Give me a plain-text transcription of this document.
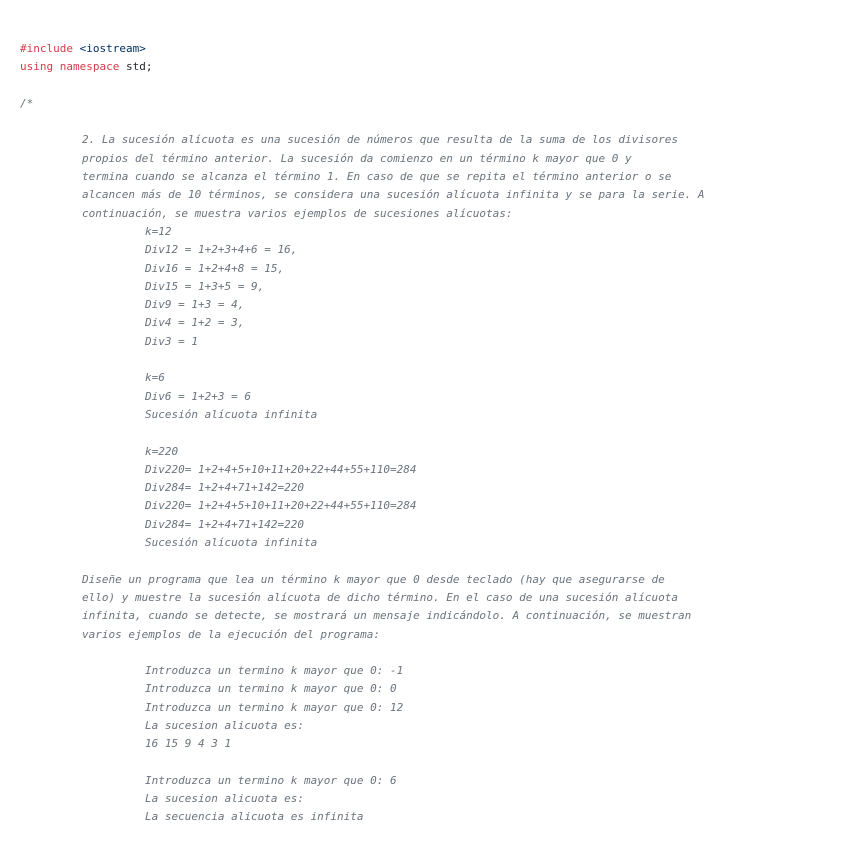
#include <iostream>
using namespace std;
/*
2. La sucesión alícuota es una sucesión de números que resulta de la suma de los divisores
propios del término anterior. La sucesión da comienzo en un término k mayor que 0 y
termina cuando se alcanza el término 1. En caso de que se repita el término anterior o se
alcancen más de 10 términos, se considera una sucesión alícuota infinita y se para la serie. A
continuación, se muestra varios ejemplos de sucesiones alícuotas:
k=12
Div12 = 1+2+3+4+6 = 16,
Div16 = 1+2+4+8 = 15,
Div15 = 1+3+5 = 9,
Div9 = 1+3 = 4,
Div4 = 1+2 = 3,
Div3 = 1
k=6
Div6 = 1+2+3 = 6
Sucesión alícuota infinita
k=220
Div220= 1+2+4+5+10+11+20+22+44+55+110=284
Div284= 1+2+4+71+142=220
Div220= 1+2+4+5+10+11+20+22+44+55+110=284
Div284= 1+2+4+71+142=220
Sucesión alícuota infinita
Diseñe un programa que lea un término k mayor que 0 desde teclado (hay que asegurarse de
ello) y muestre la sucesión alícuota de dicho término. En el caso de una sucesión alícuota
infinita, cuando se detecte, se mostrará un mensaje indicándolo. A continuación, se muestran
varios ejemplos de la ejecución del programa:
Introduzca un termino k mayor que 0: -1
Introduzca un termino k mayor que 0: 0
Introduzca un termino k mayor que 0: 12
La sucesion alicuota es:
16 15 9 4 3 1
Introduzca un termino k mayor que 0: 6
La sucesion alicuota es:
La secuencia alicuota es infinita
